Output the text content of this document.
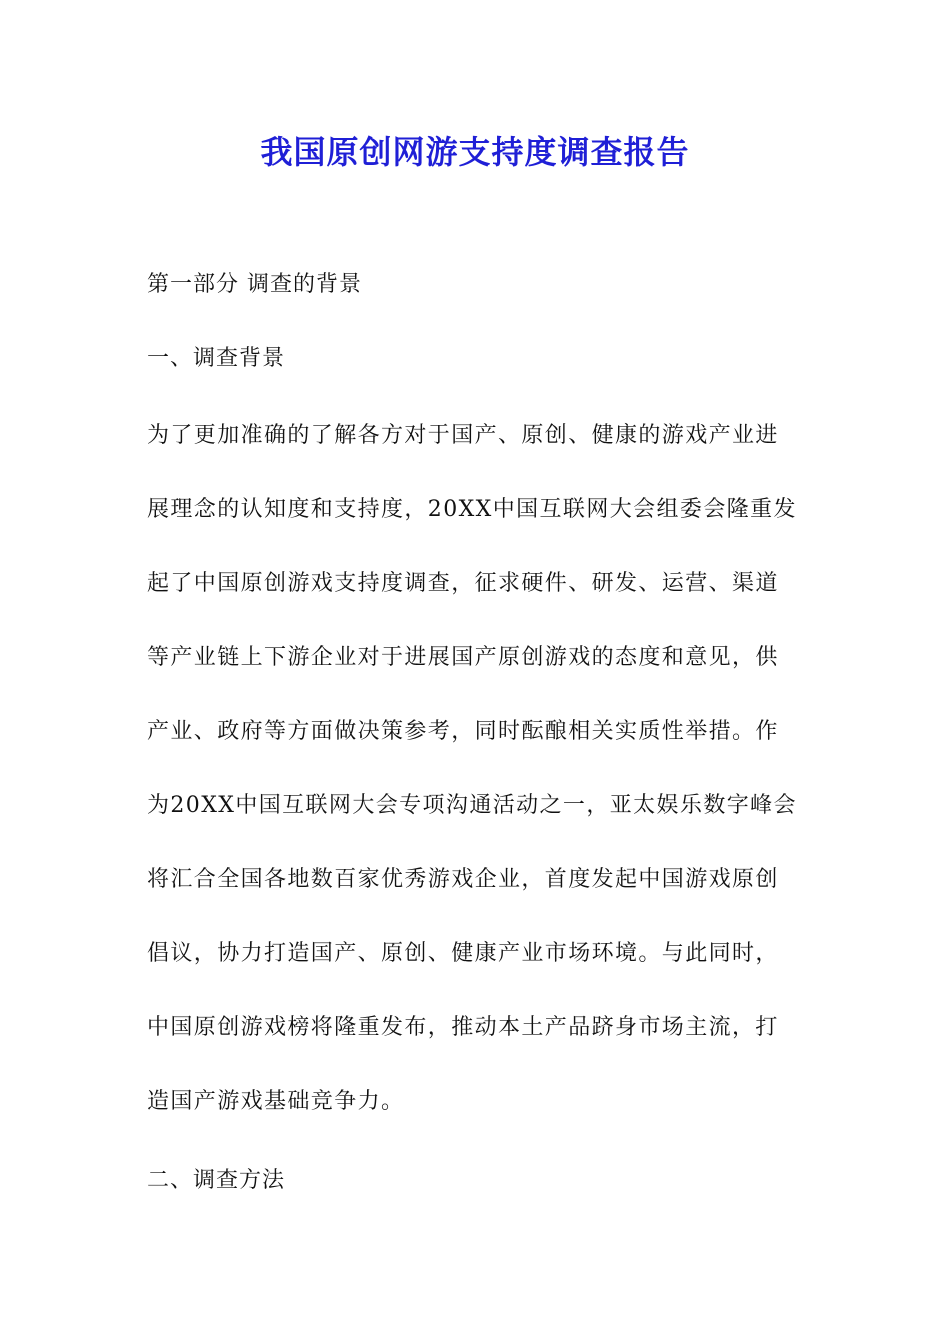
我国原创网游支持度调查报告

第一部分 调查的背景

一、调查背景

为了更加准确的了解各方对于国产、原创、健康的游戏产业进
展理念的认知度和支持度，20XX中国互联网大会组委会隆重发
起了中国原创游戏支持度调查，征求硬件、研发、运营、渠道
等产业链上下游企业对于进展国产原创游戏的态度和意见，供
产业、政府等方面做决策参考，同时酝酿相关实质性举措。作
为20XX中国互联网大会专项沟通活动之一，亚太娱乐数字峰会
将汇合全国各地数百家优秀游戏企业，首度发起中国游戏原创
倡议，协力打造国产、原创、健康产业市场环境。与此同时，
中国原创游戏榜将隆重发布，推动本土产品跻身市场主流，打
造国产游戏基础竞争力。

二、调查方法
